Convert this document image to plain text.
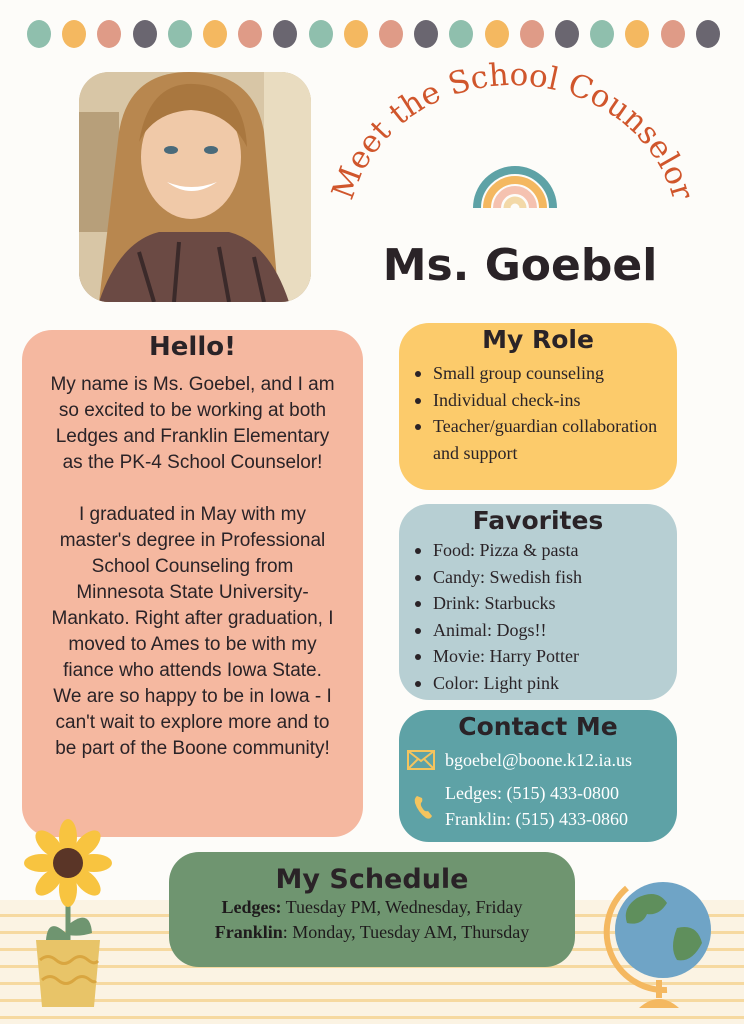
Meet the School Counselor
Ms. Goebel
Hello!

My name is Ms. Goebel, and I am so excited to be working at both Ledges and Franklin Elementary as the PK-4 School Counselor!

I graduated in May with my master's degree in Professional School Counseling from Minnesota State University-Mankato. Right after graduation, I moved to Ames to be with my fiance who attends Iowa State. We are so happy to be in Iowa - I can't wait to explore more and to be part of the Boone community!

My Role
Small group counseling
Individual check-ins
Teacher/guardian collaboration and support
Favorites
Food: Pizza & pasta
Candy: Swedish fish
Drink: Starbucks
Animal: Dogs!!
Movie: Harry Potter
Color: Light pink
Contact Me
bgoebel@boone.k12.ia.us
Ledges: (515) 433-0800
Franklin: (515) 433-0860
My Schedule
Ledges: Tuesday PM, Wednesday, Friday
Franklin: Monday, Tuesday AM, Thursday
